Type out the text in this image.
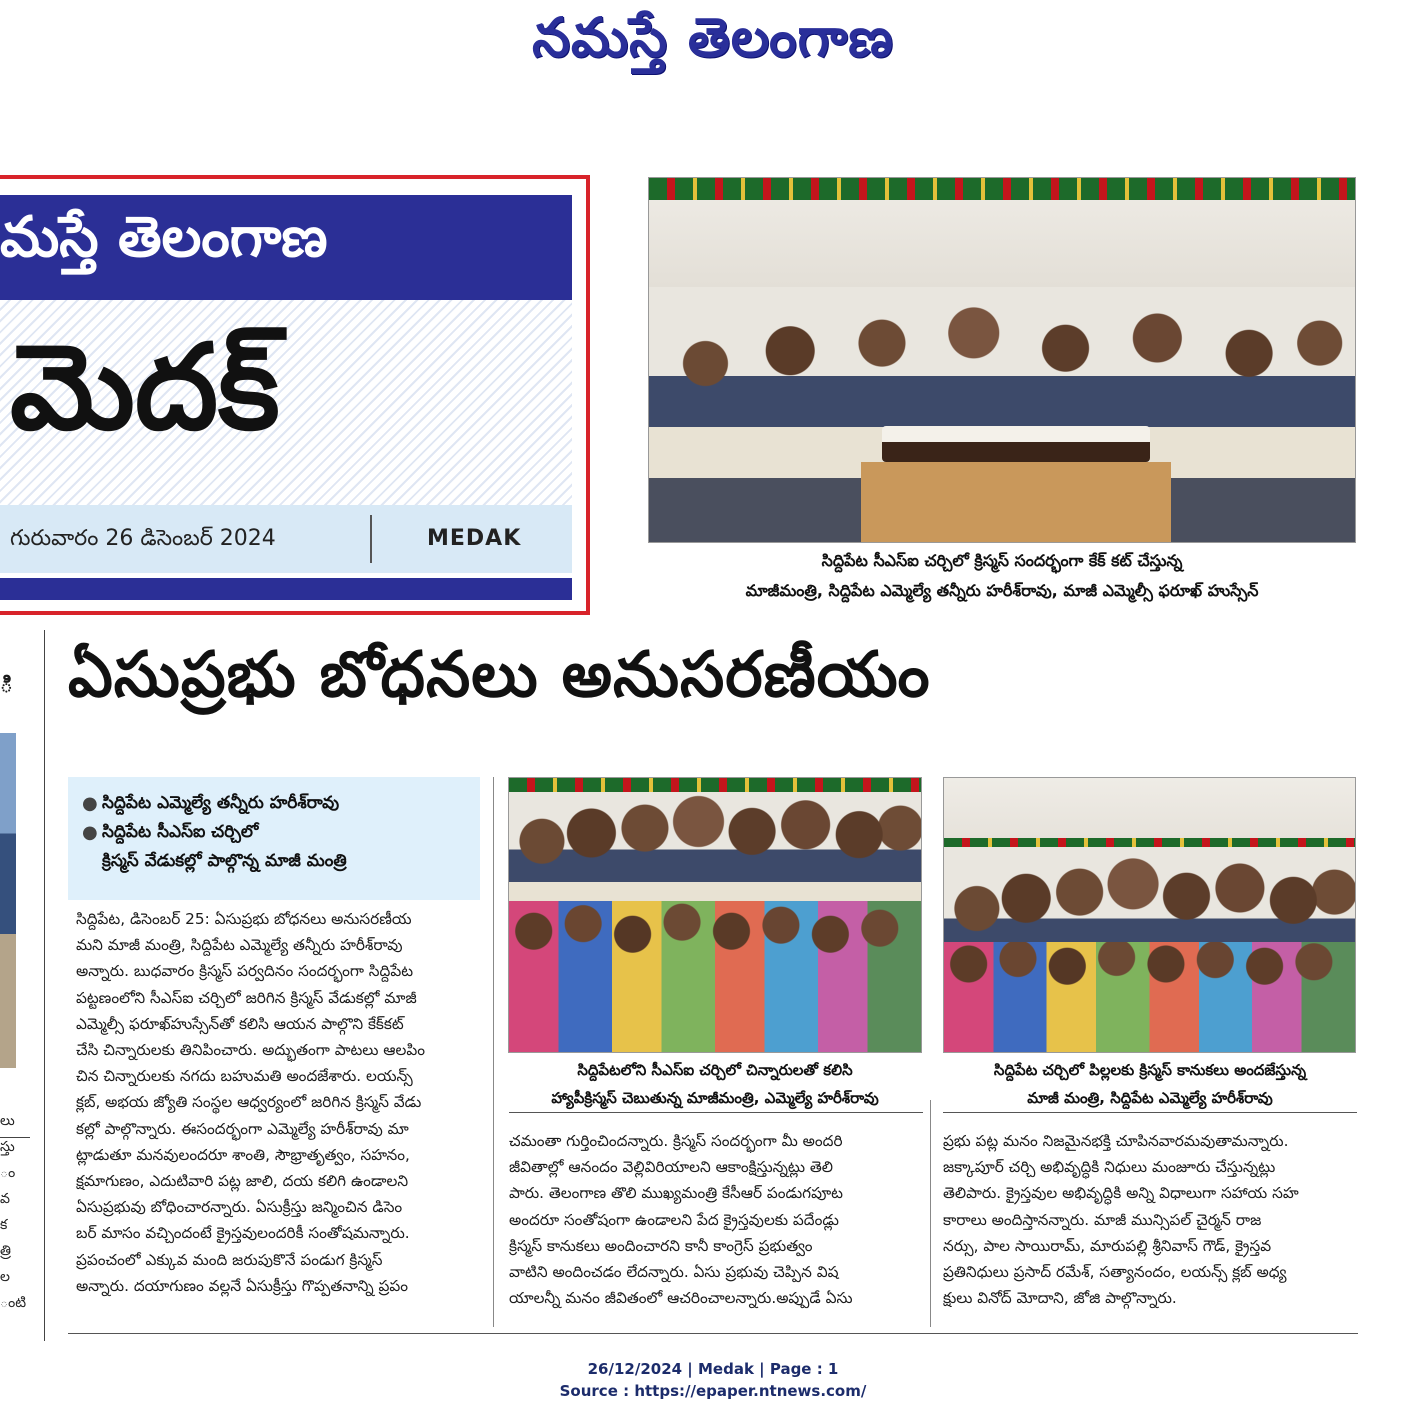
నమస్తే తెలంగాణ
మస్తే తెలంగాణ
మెదక్
గురువారం 26 డిసెంబర్ 2024	MEDAK
సిద్దిపేట సీఎస్ఐ చర్చిలో క్రిస్మస్ సందర్భంగా కేక్ కట్ చేస్తున్న
మాజీమంత్రి, సిద్దిపేట ఎమ్మెల్యే తన్నీరు హరీశ్‌రావు, మాజీ ఎమ్మెల్సీ ఫరూఖ్ హుస్సేన్
ి
లు
స్తు
ం
వ
క
త్రి
ల
ంటి
ఏసుప్రభు బోధనలు అనుసరణీయం
● సిద్దిపేట ఎమ్మెల్యే తన్నీరు హరీశ్‌రావు
● సిద్దిపేట సీఎస్ఐ చర్చిలో
క్రిస్మస్ వేడుకల్లో పాల్గొన్న మాజీ మంత్రి
సిద్దిపేట, డిసెంబర్ 25: ఏసుప్రభు బోధనలు అనుసరణీయ
మని మాజీ మంత్రి, సిద్దిపేట ఎమ్మెల్యే తన్నీరు హరీశ్‌రావు
అన్నారు. బుధవారం క్రిస్మస్ పర్వదినం సందర్భంగా సిద్దిపేట
పట్టణంలోని సీఎస్ఐ చర్చిలో జరిగిన క్రిస్మస్ వేడుకల్లో మాజీ
ఎమ్మెల్సీ ఫరూఖ్‌హుస్సేన్‌తో కలిసి ఆయన పాల్గొని కేక్‌కట్
చేసి చిన్నారులకు తినిపించారు. అద్భుతంగా పాటలు ఆలపిం
చిన చిన్నారులకు నగదు బహుమతి అందజేశారు. లయన్స్
క్లబ్, అభయ జ్యోతి సంస్థల ఆధ్వర్యంలో జరిగిన క్రిస్మస్ వేడు
కల్లో పాల్గొన్నారు. ఈసందర్భంగా ఎమ్మెల్యే హరీశ్‌రావు మా
ట్లాడుతూ మనవులందరూ శాంతి, సౌభ్రాతృత్వం, సహనం,
క్షమాగుణం, ఎదుటివారి పట్ల జాలి, దయ కలిగి ఉండాలని
ఏసుప్రభువు బోధించారన్నారు. ఏసుక్రీస్తు జన్మించిన డిసెం
బర్ మాసం వచ్చిందంటే క్రైస్తవులందరికీ సంతోషమన్నారు.
ప్రపంచంలో ఎక్కువ మంది జరుపుకొనే పండుగ క్రిస్మస్
అన్నారు. దయాగుణం వల్లనే ఏసుక్రీస్తు గొప్పతనాన్ని ప్రపం
సిద్దిపేటలోని సీఎస్ఐ చర్చిలో చిన్నారులతో కలిసి
హ్యాపీక్రిస్మస్ చెబుతున్న మాజీమంత్రి, ఎమ్మెల్యే హరీశ్‌రావు
సిద్దిపేట చర్చిలో పిల్లలకు క్రిస్మస్ కానుకలు అందజేస్తున్న
మాజీ మంత్రి, సిద్దిపేట ఎమ్మెల్యే హరీశ్‌రావు
చమంతా గుర్తించిందన్నారు. క్రిస్మస్ సందర్భంగా మీ అందరి
జీవితాల్లో ఆనందం వెల్లివిరియాలని ఆకాంక్షిస్తున్నట్లు తెలి
పారు. తెలంగాణ తొలి ముఖ్యమంత్రి కేసీఆర్ పండుగపూట
అందరూ సంతోషంగా ఉండాలని పేద క్రైస్తవులకు పదేండ్లు
క్రిస్మస్ కానుకలు అందించారని కానీ కాంగ్రెస్ ప్రభుత్వం
వాటిని అందించడం లేదన్నారు. ఏసు ప్రభువు చెప్పిన విష
యాలన్నీ మనం జీవితంలో ఆచరించాలన్నారు.అప్పుడే ఏసు
ప్రభు పట్ల మనం నిజమైనభక్తి చూపినవారమవుతామన్నారు.
జక్కాపూర్ చర్చి అభివృద్ధికి నిధులు మంజూరు చేస్తున్నట్లు
తెలిపారు. క్రైస్తవుల అభివృద్ధికి అన్ని విధాలుగా సహాయ సహ
కారాలు అందిస్తానన్నారు. మాజీ మున్సిపల్ చైర్మన్ రాజ
నర్సు, పాల సాయిరామ్, మారుపల్లి శ్రీనివాస్ గౌడ్, క్రైస్తవ
ప్రతినిధులు ప్రసాద్ రమేశ్, సత్యానందం, లయన్స్ క్లబ్ అధ్య
క్షులు వినోద్ మోదాని, జోజి పాల్గొన్నారు.
26/12/2024 | Medak | Page : 1
Source : https://epaper.ntnews.com/
